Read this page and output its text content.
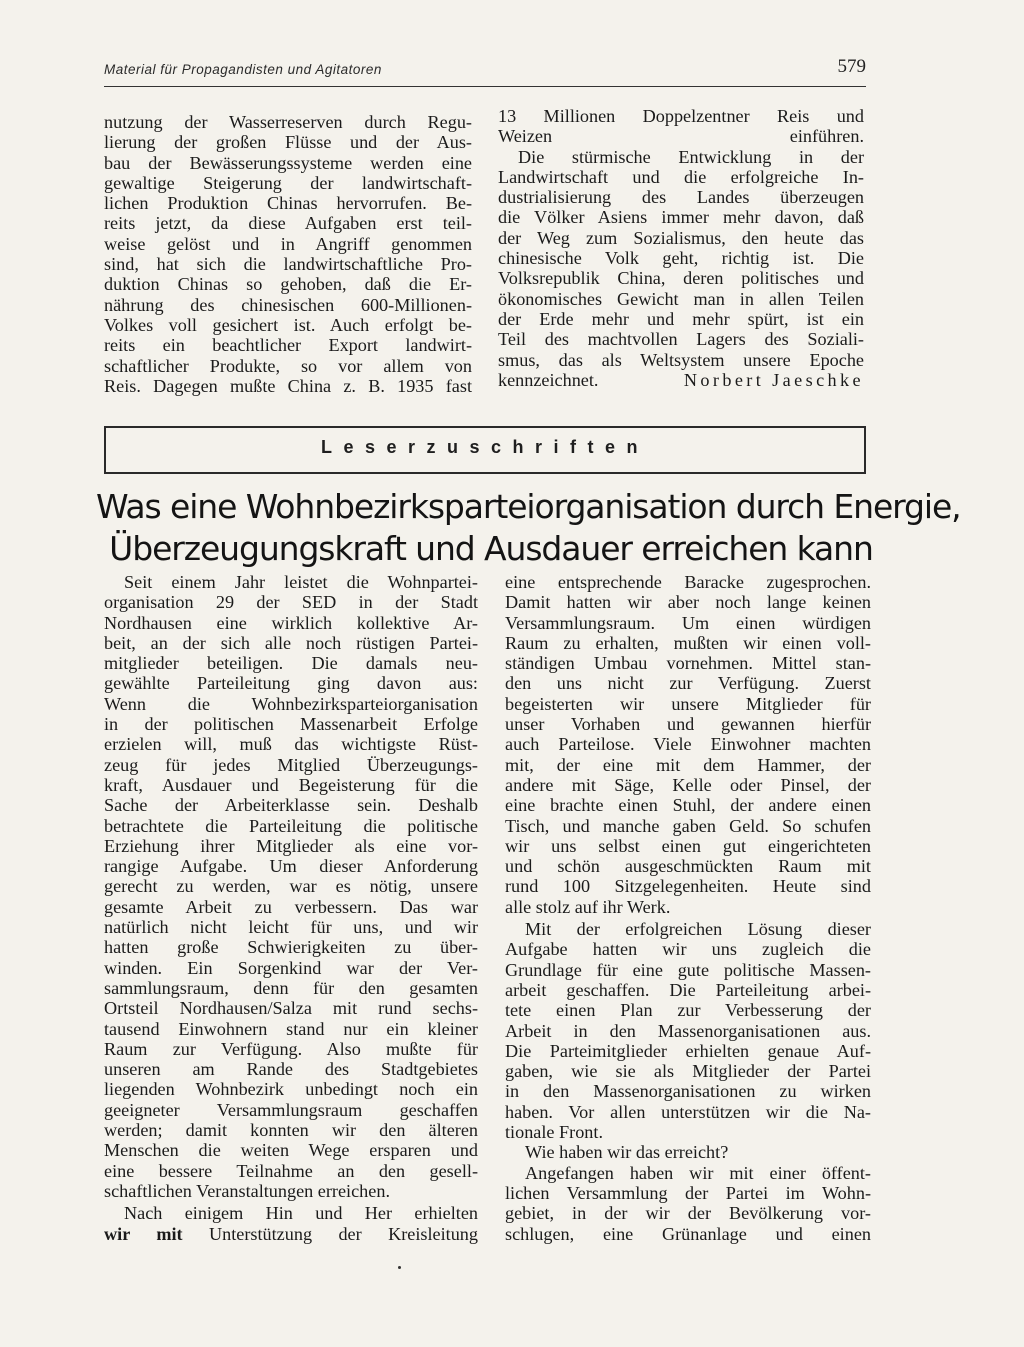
Material für Propagandisten und Agitatoren	579

nutzung der Wasserreserven durch Regu-
lierung der großen Flüsse und der Aus-
bau der Bewässerungssysteme werden eine
gewaltige Steigerung der landwirtschaft-
lichen Produktion Chinas hervorrufen. Be-
reits jetzt, da diese Aufgaben erst teil-
weise gelöst und in Angriff genommen
sind, hat sich die landwirtschaftliche Pro-
duktion Chinas so gehoben, daß die Er-
nährung des chinesischen 600-Millionen-
Volkes voll gesichert ist. Auch erfolgt be-
reits ein beachtlicher Export landwirt-
schaftlicher Produkte, so vor allem von
Reis. Dagegen mußte China z. B. 1935 fast

13 Millionen Doppelzentner Reis und
Weizen einführen.

Die stürmische Entwicklung in der

Landwirtschaft und die erfolgreiche In-
dustrialisierung des Landes überzeugen
die Völker Asiens immer mehr davon, daß
der Weg zum Sozialismus, den heute das
chinesische Volk geht, richtig ist. Die
Volksrepublik China, deren politisches und
ökonomisches Gewicht man in allen Teilen
der Erde mehr und mehr spürt, ist ein
Teil des machtvollen Lagers des Soziali-
smus, das als Weltsystem unsere Epoche
kennzeichnet.	Norbert Jaeschke

Leserzuschriften
Was eine Wohnbezirksparteiorganisation durch Energie,
Überzeugungskraft und Ausdauer erreichen kann

Seit einem Jahr leistet die Wohnpartei-
organisation 29 der SED in der Stadt
Nordhausen eine wirklich kollektive Ar-
beit, an der sich alle noch rüstigen Partei-
mitglieder beteiligen. Die damals neu-
gewählte Parteileitung ging davon aus:
Wenn die Wohnbezirksparteiorganisation
in der politischen Massenarbeit Erfolge
erzielen will, muß das wichtigste Rüst-
zeug für jedes Mitglied Überzeugungs-
kraft, Ausdauer und Begeisterung für die
Sache der Arbeiterklasse sein. Deshalb
betrachtete die Parteileitung die politische
Erziehung ihrer Mitglieder als eine vor-
rangige Aufgabe. Um dieser Anforderung
gerecht zu werden, war es nötig, unsere
gesamte Arbeit zu verbessern. Das war
natürlich nicht leicht für uns, und wir
hatten große Schwierigkeiten zu über-
winden. Ein Sorgenkind war der Ver-
sammlungsraum, denn für den gesamten
Ortsteil Nordhausen/Salza mit rund sechs-
tausend Einwohnern stand nur ein kleiner
Raum zur Verfügung. Also mußte für
unseren am Rande des Stadtgebietes
liegenden Wohnbezirk unbedingt noch ein
geeigneter Versammlungsraum geschaffen
werden; damit konnten wir den älteren
Menschen die weiten Wege ersparen und
eine bessere Teilnahme an den gesell-
schaftlichen Veranstaltungen erreichen.

Nach einigem Hin und Her erhielten
wir mit Unterstützung der Kreisleitung

eine entsprechende Baracke zugesprochen.
Damit hatten wir aber noch lange keinen
Versammlungsraum. Um einen würdigen
Raum zu erhalten, mußten wir einen voll-
ständigen Umbau vornehmen. Mittel stan-
den uns nicht zur Verfügung. Zuerst
begeisterten wir unsere Mitglieder für
unser Vorhaben und gewannen hierfür
auch Parteilose. Viele Einwohner machten
mit, der eine mit dem Hammer, der
andere mit Säge, Kelle oder Pinsel, der
eine brachte einen Stuhl, der andere einen
Tisch, und manche gaben Geld. So schufen
wir uns selbst einen gut eingerichteten
und schön ausgeschmückten Raum mit
rund 100 Sitzgelegenheiten. Heute sind
alle stolz auf ihr Werk.

Mit der erfolgreichen Lösung dieser
Aufgabe hatten wir uns zugleich die
Grundlage für eine gute politische Massen-
arbeit geschaffen. Die Parteileitung arbei-
tete einen Plan zur Verbesserung der
Arbeit in den Massenorganisationen aus.
Die Parteimitglieder erhielten genaue Auf-
gaben, wie sie als Mitglieder der Partei
in den Massenorganisationen zu wirken
haben. Vor allen unterstützen wir die Na-
tionale Front.

Wie haben wir das erreicht?

Angefangen haben wir mit einer öffent-
lichen Versammlung der Partei im Wohn-
gebiet, in der wir der Bevölkerung vor-
schlugen, eine Grünanlage und einen
